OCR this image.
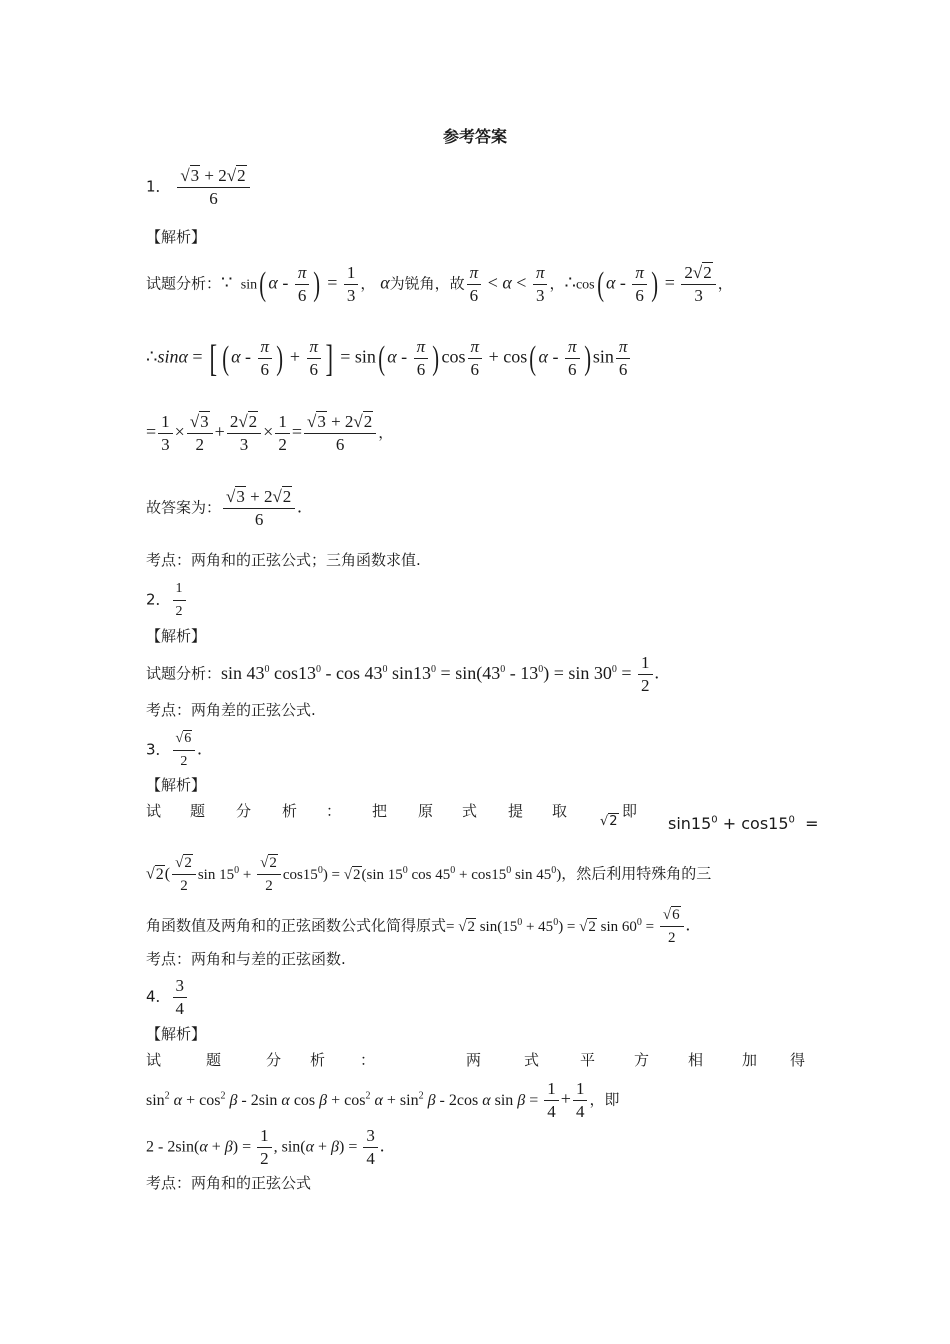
参考答案
1． $\frac{√3 + 2√2}{6}$
【解析】
试题分析：∵  sin( α - $\frac{\pi}{6}$ ) = $\frac{1}{3}$ ， α为锐角，故 $\frac{\pi}{6} < \alpha < \frac{\pi}{3}$ ，∴cos( α - $\frac{\pi}{6}$ ) = $\frac{2√2}{3}$ ，
∴sinα = [ ( α - $\frac{\pi}{6}$ ) + $\frac{\pi}{6}$ ] = sin( α - $\frac{\pi}{6}$ ) $\cos \frac{\pi}{6} + \cos$( α - $\frac{\pi}{6}$ ) $\sin \frac{\pi}{6}$
= $\frac{1}{3} \times \frac{√3}{2} + \frac{2√2}{3} \times \frac{1}{2} = \frac{√3 + 2√2}{6}$ ，
故答案为： $\frac{√3 + 2√2}{6}$ .
考点：两角和的正弦公式；三角函数求值.
2． $\frac{1}{2}$
【解析】
试题分析：$\sin 43^0$ $\cos 13^0$ - $\cos 43^0$ $\sin 13^0 = \sin(43^0 - 13^0) = \sin 30^0 = \frac{1}{2}$ .
考点：两角差的正弦公式.
3． $\frac{√6}{2}$ .
【解析】
试 题 分 析 ： 把 原 式 提 取
√2
即
$\sin 15^0 + \cos 15^0$  =
$√2( \frac{√2}{2}$ $\sin 15^0 + \frac{√2}{2} \cos 15^0) = √2(\sin$ $15^0$ $\cos 45^0 + \cos 15^0$ $\sin 45^0$)，然后利用特殊角的三
角函数值及两角和的正弦函数公式化简得原式= √2 $\sin(15^0 + 45^0) = √2$ $\sin 60^0 = \frac{√6}{2}$ .
考点：两角和与差的正弦函数.
4． $\frac{3}{4}$
【解析】
试	题	分 析 ：	两	式	平	方	相	加 得
$\sin^2 \alpha + \cos^2 \beta - 2\sin$ α $\cos \beta + \cos^2 \alpha + \sin^2 \beta - 2\cos$ α $\sin \beta = \frac{1}{4} + \frac{1}{4}$ ，即
$2 - 2\sin(\alpha + \beta) = \frac{1}{2}$ , $\sin(\alpha + \beta) = \frac{3}{4}$ .
考点：两角和的正弦公式
